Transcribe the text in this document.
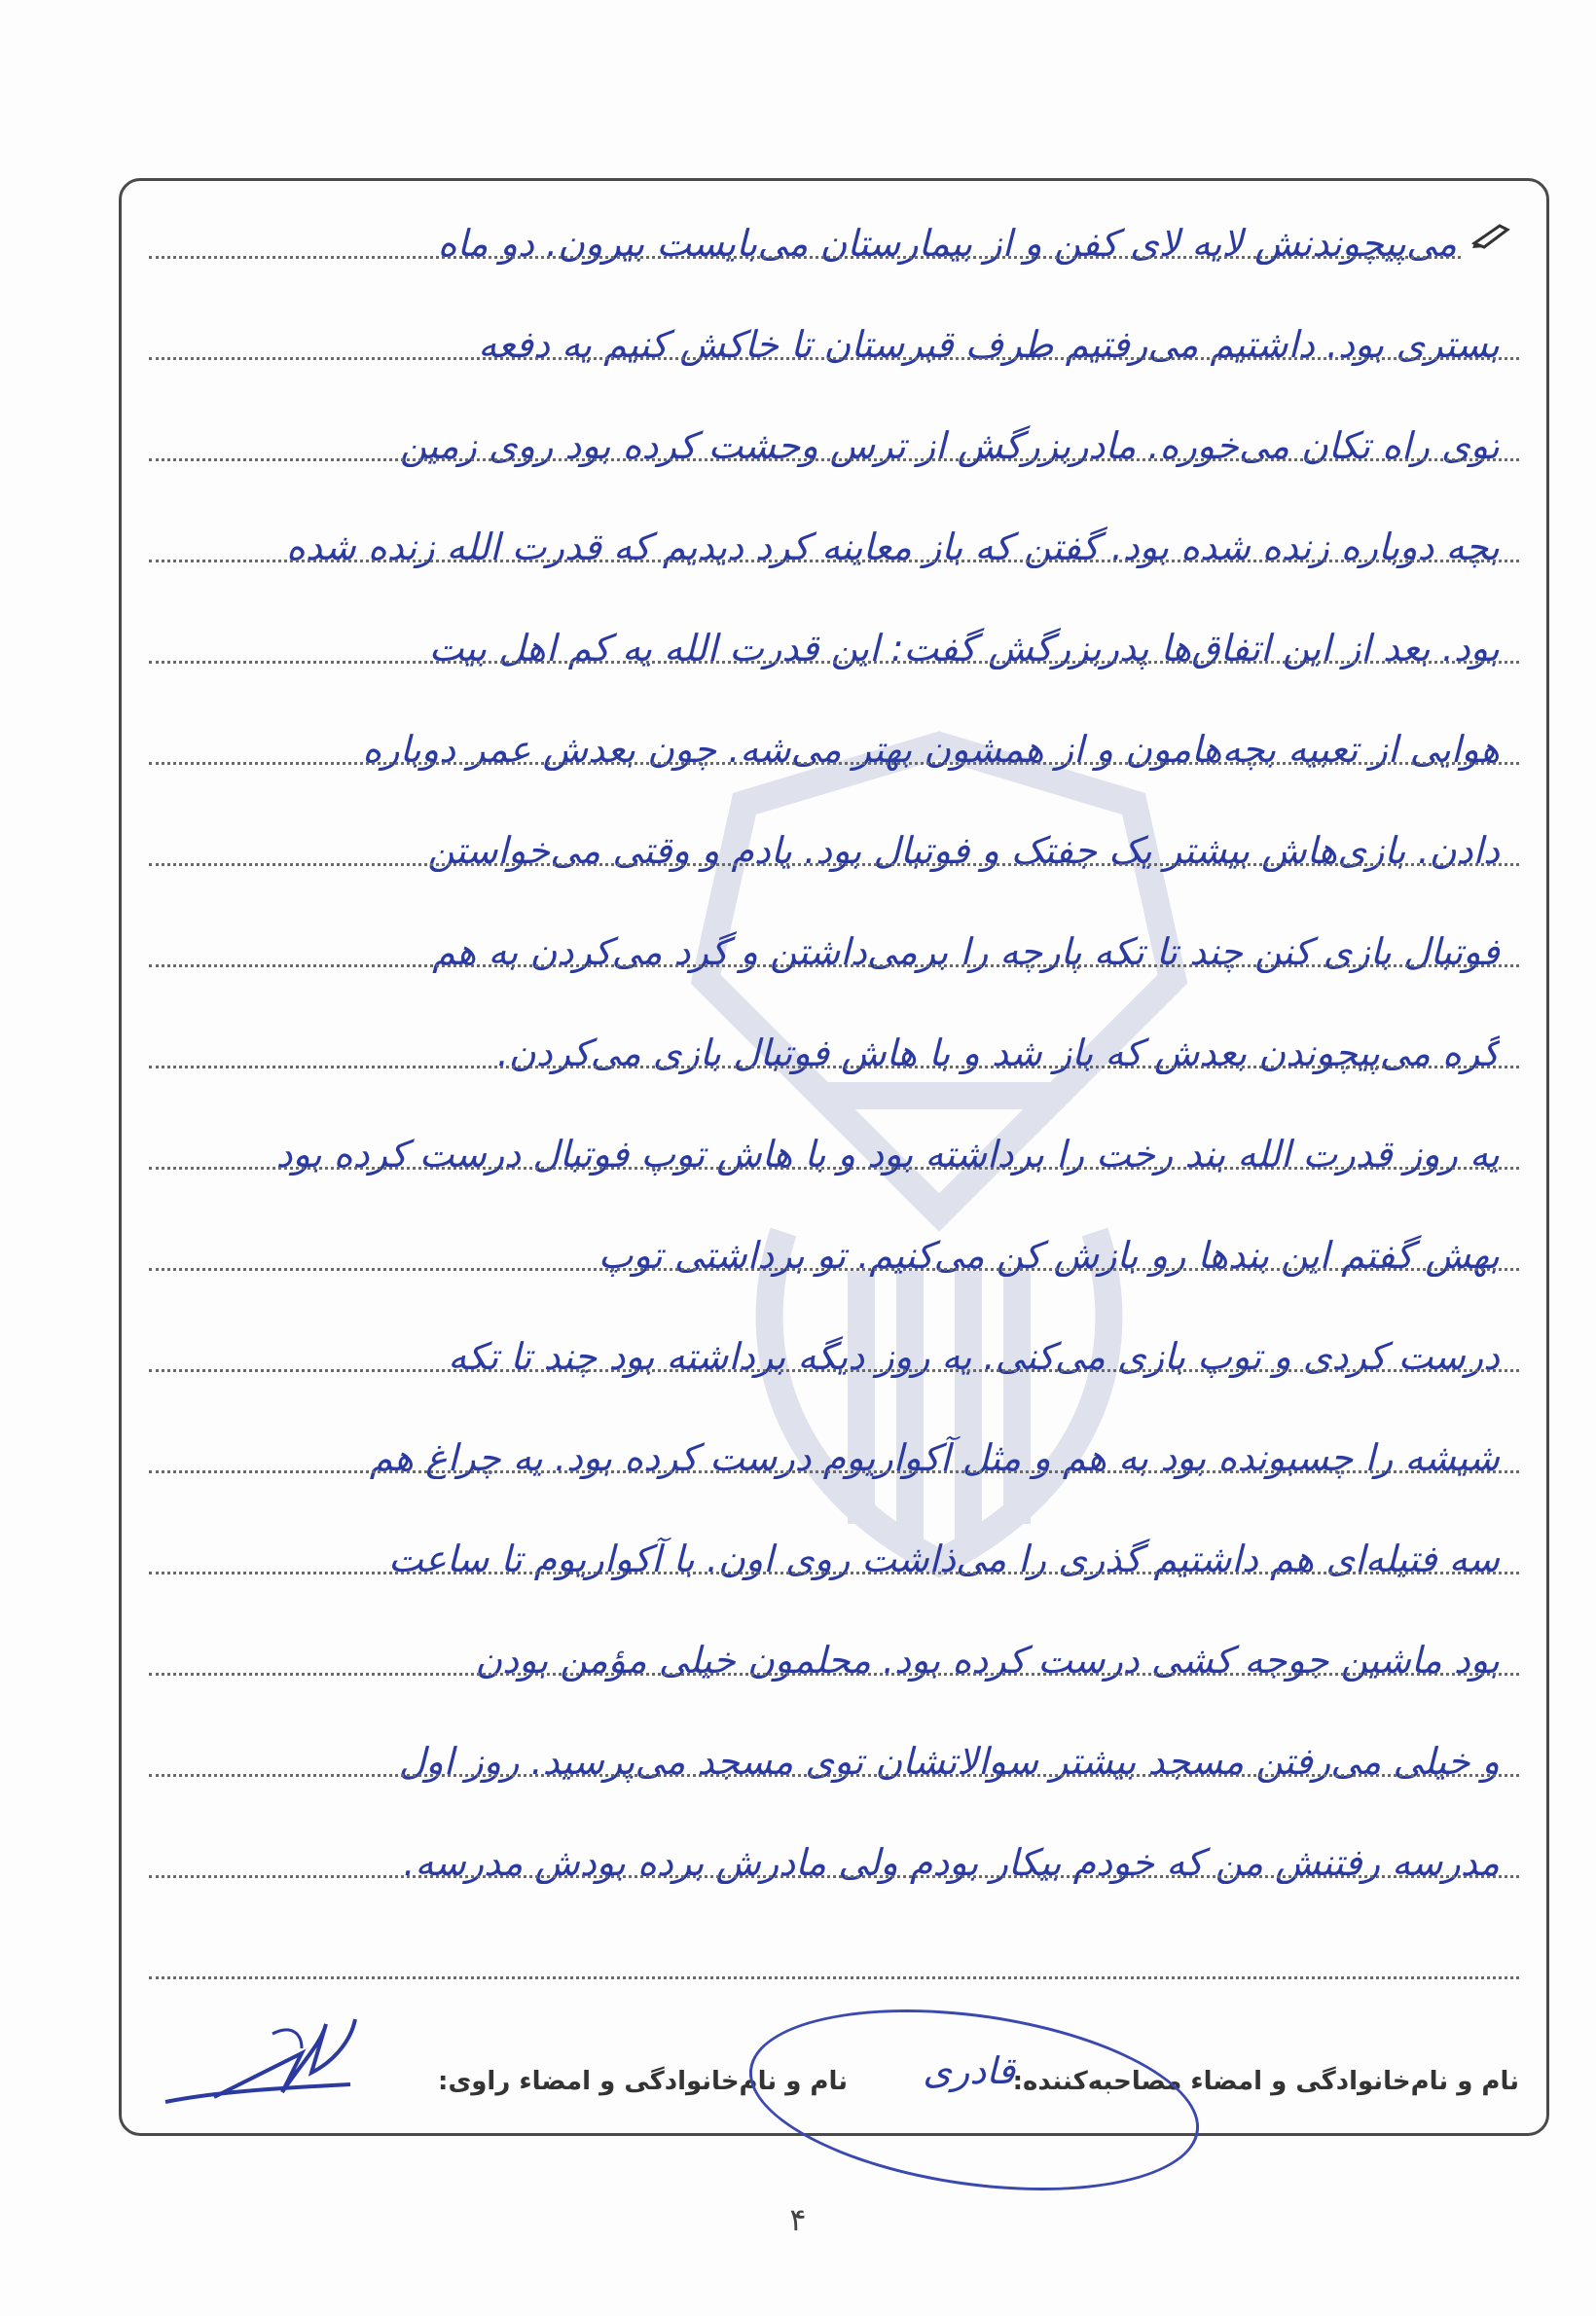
می‌پیچوندنش لایه لای کفن و از بیمارستان می‌بایست بیرون. دو ماه
بستری بود. داشتیم می‌رفتیم طرف قبرستان تا خاکش کنیم یه دفعه
توی راه تکان می‌خوره. مادربزرگش از ترس وحشت کرده بود روی زمین
بچه دوباره زنده شده بود. گفتن که باز معاینه کرد دیدیم که قدرت الله زنده شده
بود. بعد از این اتفاق‌ها پدربزرگش گفت: این قدرت الله یه کم اهل بیت
هوایی از تعبیه بچه‌هامون و از همشون بهتر می‌شه. چون بعدش عمر دوباره
دادن. بازی‌هاش بیشتر یک جفتک و فوتبال بود. یادم و وقتی می‌خواستن
فوتبال بازی کنن چند تا تکه پارچه را برمی‌داشتن و گرد می‌کردن به هم
گره می‌پیچوندن بعدش که باز شد و با هاش فوتبال بازی می‌کردن.
یه روز قدرت الله بند رخت را برداشته بود و با هاش توپ فوتبال درست کرده بود
بهش گفتم این بندها رو بازش کن می‌کنیم. تو برداشتی توپ
درست کردی و توپ بازی می‌کنی. یه روز دیگه برداشته بود چند تا تکه
شیشه را چسبونده بود به هم و مثل آکواریوم درست کرده بود. یه چراغ هم
سه فتیله‌ای هم داشتیم گذری را می‌ذاشت روی اون. با آکواریوم تا ساعت
بود ماشین جوجه کشی درست کرده بود. محلمون خیلی مؤمن بودن
و خیلی می‌رفتن مسجد بیشتر سوالاتشان توی مسجد می‌پرسید. روز اول
مدرسه رفتنش من که خودم بیکار بودم ولی مادرش برده بودش مدرسه.
نام و نام‌خانوادگی و امضاء مصاحبه‌کننده:
قادری
نام و نام‌خانوادگی و امضاء راوی:
۴
